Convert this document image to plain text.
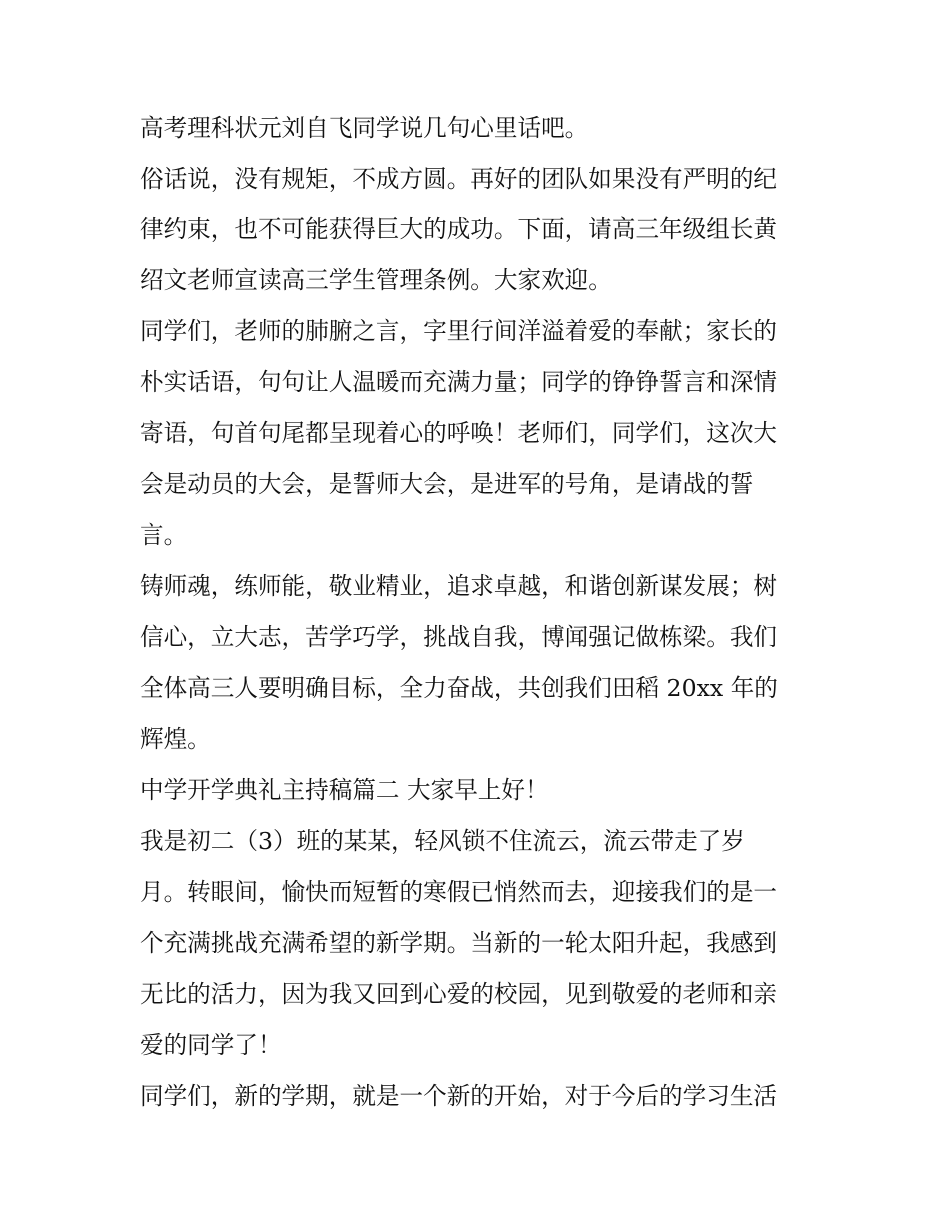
高考理科状元刘自飞同学说几句心里话吧。
俗话说，没有规矩，不成方圆。再好的团队如果没有严明的纪
律约束，也不可能获得巨大的成功。下面，请高三年级组长黄
绍文老师宣读高三学生管理条例。大家欢迎。
同学们，老师的肺腑之言，字里行间洋溢着爱的奉献；家长的
朴实话语，句句让人温暖而充满力量；同学的铮铮誓言和深情
寄语，句首句尾都呈现着心的呼唤！老师们，同学们，这次大
会是动员的大会，是誓师大会，是进军的号角，是请战的誓
言。
铸师魂，练师能，敬业精业，追求卓越，和谐创新谋发展；树
信心，立大志，苦学巧学，挑战自我，博闻强记做栋梁。我们
全体高三人要明确目标，全力奋战，共创我们田稻 20xx 年的
辉煌。
中学开学典礼主持稿篇二 大家早上好！
我是初二（3）班的某某，轻风锁不住流云，流云带走了岁
月。转眼间，愉快而短暂的寒假已悄然而去，迎接我们的是一
个充满挑战充满希望的新学期。当新的一轮太阳升起，我感到
无比的活力，因为我又回到心爱的校园，见到敬爱的老师和亲
爱的同学了！
同学们，新的学期，就是一个新的开始，对于今后的学习生活
